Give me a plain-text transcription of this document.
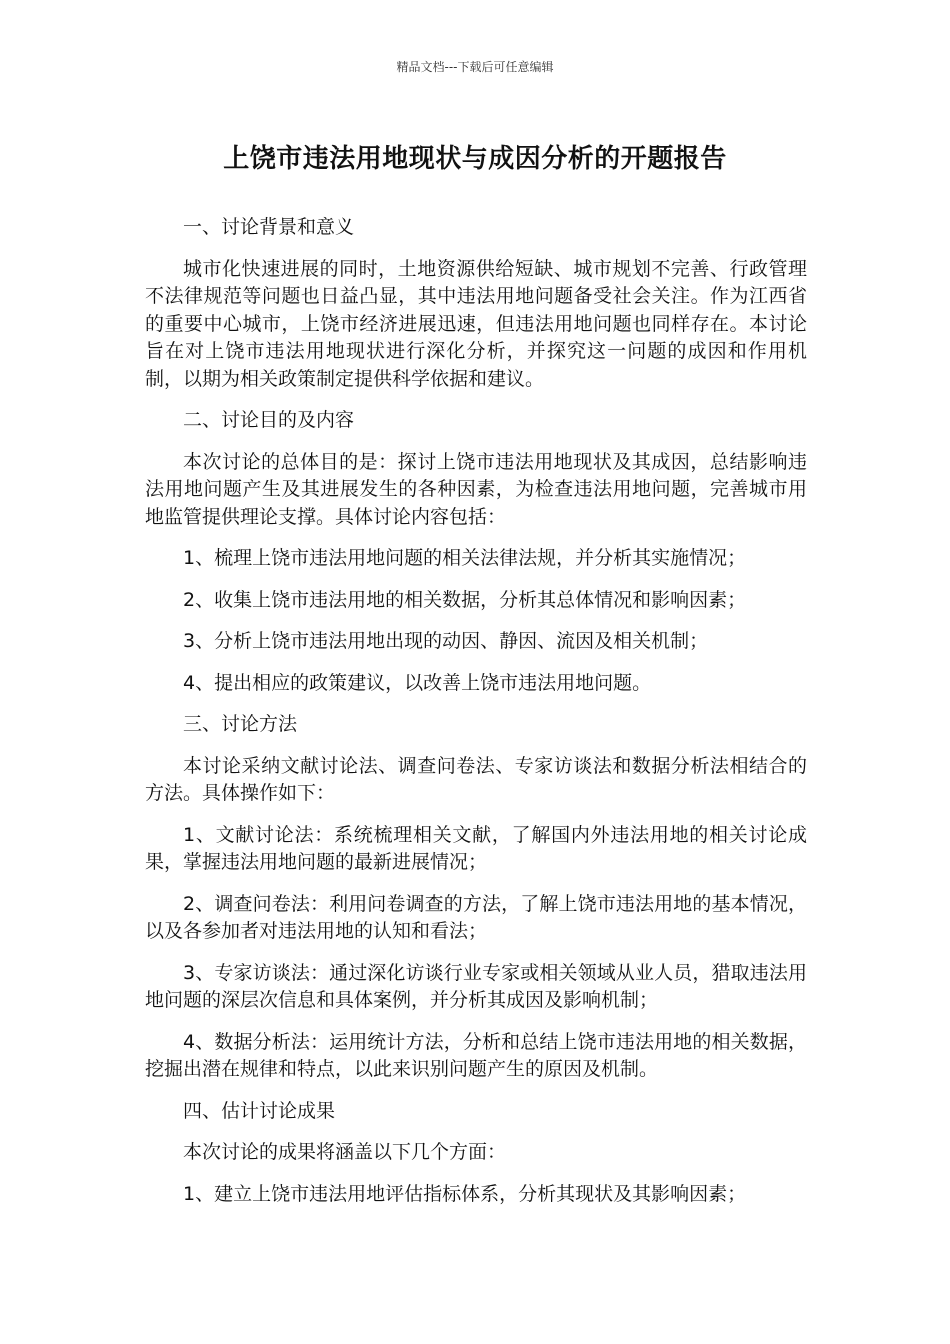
精品文档---下载后可任意编辑
上饶市违法用地现状与成因分析的开题报告

一、讨论背景和意义

城市化快速进展的同时，土地资源供给短缺、城市规划不完善、行政管理不法律规范等问题也日益凸显，其中违法用地问题备受社会关注。作为江西省的重要中心城市，上饶市经济进展迅速，但违法用地问题也同样存在。本讨论旨在对上饶市违法用地现状进行深化分析，并探究这一问题的成因和作用机制，以期为相关政策制定提供科学依据和建议。

二、讨论目的及内容

本次讨论的总体目的是：探讨上饶市违法用地现状及其成因，总结影响违法用地问题产生及其进展发生的各种因素，为检查违法用地问题，完善城市用地监管提供理论支撑。具体讨论内容包括：

1、梳理上饶市违法用地问题的相关法律法规，并分析其实施情况；

2、收集上饶市违法用地的相关数据，分析其总体情况和影响因素；

3、分析上饶市违法用地出现的动因、静因、流因及相关机制；

4、提出相应的政策建议，以改善上饶市违法用地问题。

三、讨论方法

本讨论采纳文献讨论法、调查问卷法、专家访谈法和数据分析法相结合的方法。具体操作如下：

1、文献讨论法：系统梳理相关文献，了解国内外违法用地的相关讨论成果，掌握违法用地问题的最新进展情况；

2、调查问卷法：利用问卷调查的方法，了解上饶市违法用地的基本情况，以及各参加者对违法用地的认知和看法；

3、专家访谈法：通过深化访谈行业专家或相关领域从业人员，猎取违法用地问题的深层次信息和具体案例，并分析其成因及影响机制；

4、数据分析法：运用统计方法，分析和总结上饶市违法用地的相关数据，挖掘出潜在规律和特点，以此来识别问题产生的原因及机制。

四、估计讨论成果

本次讨论的成果将涵盖以下几个方面：

1、建立上饶市违法用地评估指标体系，分析其现状及其影响因素；
